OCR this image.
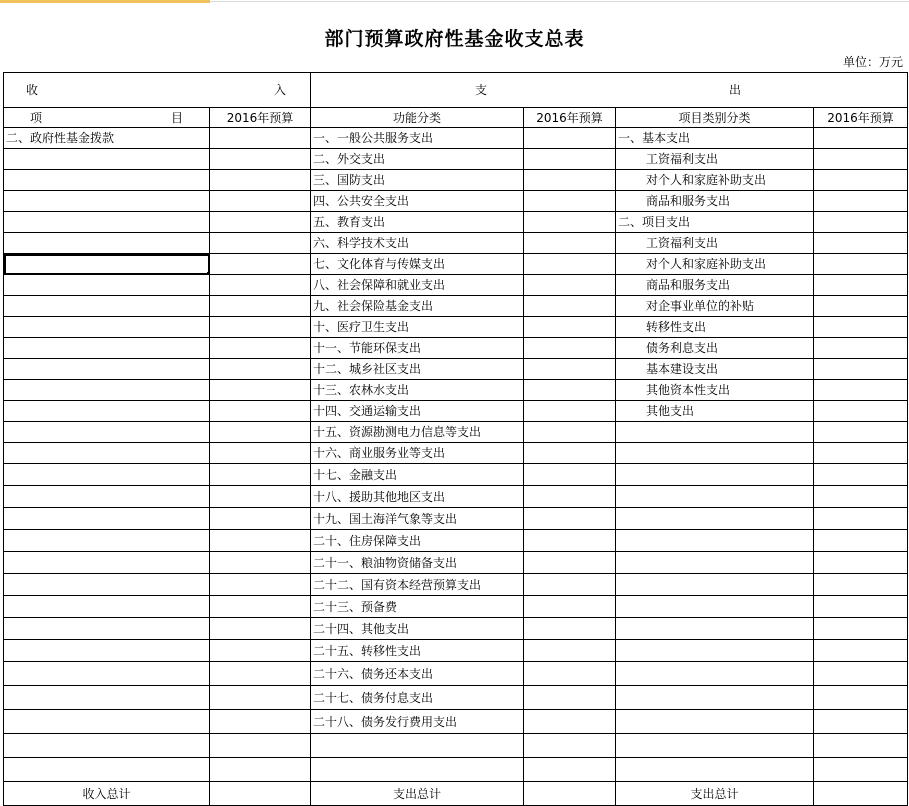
部门预算政府性基金收支总表
单位：万元
收 入		支 出			

项 目	2016年预算	功能分类	2016年预算	项目类别分类	2016年预算
二、政府性基金拨款		一、一般公共服务支出		一、基本支出	
		二、外交支出		工资福利支出	
		三、国防支出		对个人和家庭补助支出	
		四、公共安全支出		商品和服务支出	
		五、教育支出		二、项目支出	
		六、科学技术支出		工资福利支出	
		七、文化体育与传媒支出		对个人和家庭补助支出	
		八、社会保障和就业支出		商品和服务支出	
		九、社会保险基金支出		对企事业单位的补贴	
		十、医疗卫生支出		转移性支出	
		十一、节能环保支出		债务利息支出	
		十二、城乡社区支出		基本建设支出	
		十三、农林水支出		其他资本性支出	
		十四、交通运输支出		其他支出	
		十五、资源勘测电力信息等支出			
		十六、商业服务业等支出			
		十七、金融支出			
		十八、援助其他地区支出			
		十九、国土海洋气象等支出			
		二十、住房保障支出			
		二十一、粮油物资储备支出			
		二十二、国有资本经营预算支出			
		二十三、预备费			
		二十四、其他支出			
		二十五、转移性支出			
		二十六、债务还本支出			
		二十七、债务付息支出			
		二十八、债务发行费用支出			

收入总计		支出总计		支出总计	
